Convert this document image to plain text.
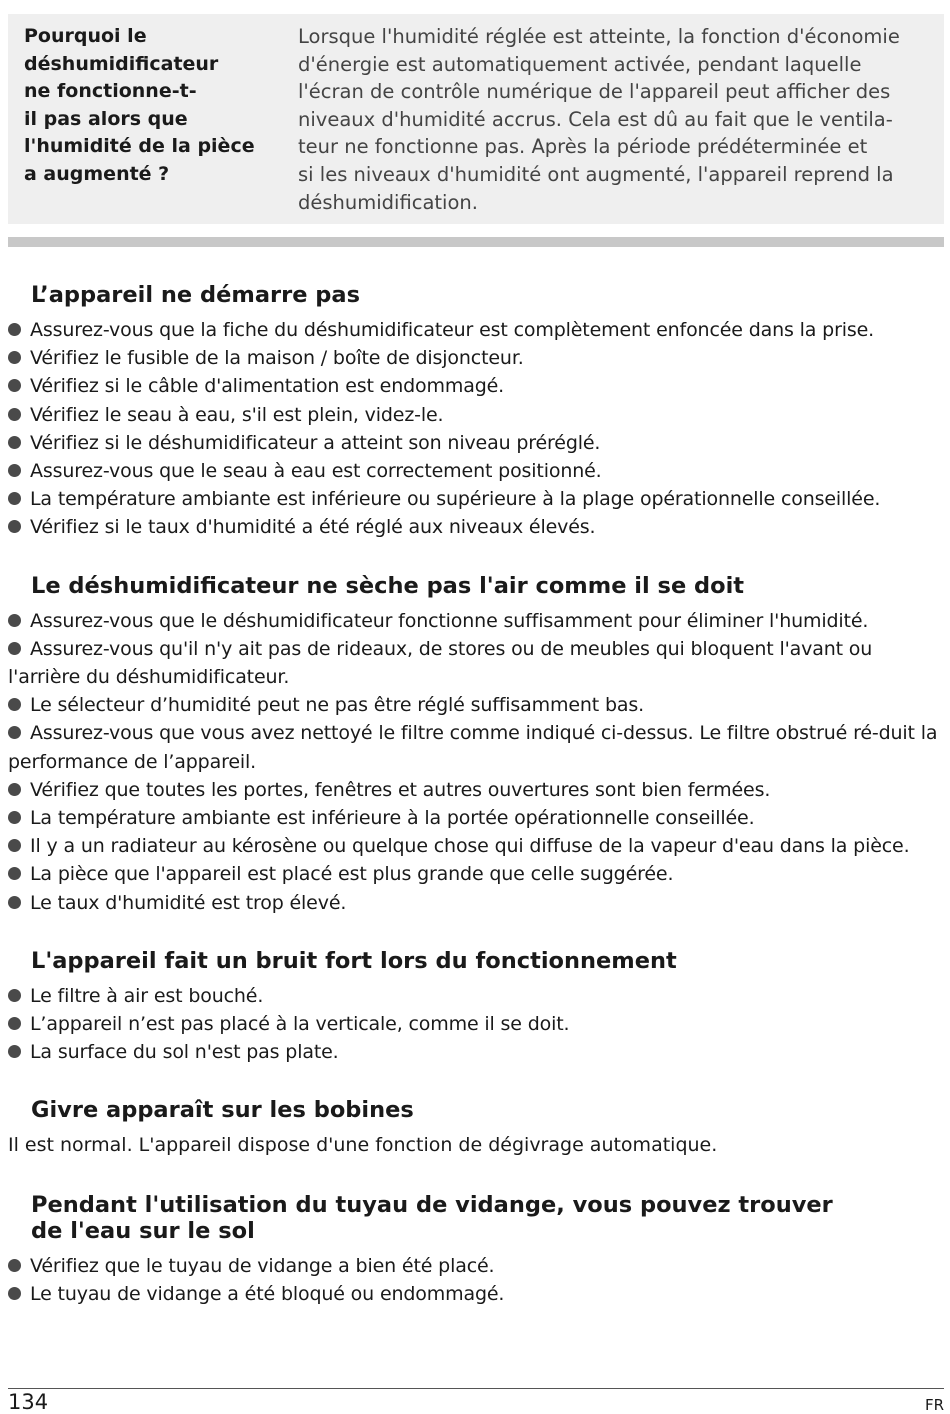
Pourquoi le
déshumidificateur
ne fonctionne-t-
il pas alors que
l'humidité de la pièce
a augmenté ?
Lorsque l'humidité réglée est atteinte, la fonction d'économie
d'énergie est automatiquement activée, pendant laquelle
l'écran de contrôle numérique de l'appareil peut afficher des
niveaux d'humidité accrus. Cela est dû au fait que le ventila-
teur ne fonctionne pas. Après la période prédéterminée et
si les niveaux d'humidité ont augmenté, l'appareil reprend la
déshumidification.
L’appareil ne démarre pas
Assurez-vous que la fiche du déshumidificateur est complètement enfoncée dans la prise.
Vérifiez le fusible de la maison / boîte de disjoncteur.
Vérifiez si le câble d'alimentation est endommagé.
Vérifiez le seau à eau, s'il est plein, videz-le.
Vérifiez si le déshumidificateur a atteint son niveau préréglé.
Assurez-vous que le seau à eau est correctement positionné.
La température ambiante est inférieure ou supérieure à la plage opérationnelle conseillée.
Vérifiez si le taux d'humidité a été réglé aux niveaux élevés.
Le déshumidificateur ne sèche pas l'air comme il se doit
Assurez-vous que le déshumidificateur fonctionne suffisamment pour éliminer l'humidité.
Assurez-vous qu'il n'y ait pas de rideaux, de stores ou de meubles qui bloquent l'avant ou l'arrière du déshumidificateur.
Le sélecteur d’humidité peut ne pas être réglé suffisamment bas.
Assurez-vous que vous avez nettoyé le filtre comme indiqué ci-dessus. Le filtre obstrué ré-duit la performance de l’appareil.
Vérifiez que toutes les portes, fenêtres et autres ouvertures sont bien fermées.
La température ambiante est inférieure à la portée opérationnelle conseillée.
Il y a un radiateur au kérosène ou quelque chose qui diffuse de la vapeur d'eau dans la pièce.
La pièce que l'appareil est placé est plus grande que celle suggérée.
Le taux d'humidité est trop élevé.
L'appareil fait un bruit fort lors du fonctionnement
Le filtre à air est bouché.
L’appareil n’est pas placé à la verticale, comme il se doit.
La surface du sol n'est pas plate.
Givre apparaît sur les bobines

Il est normal. L'appareil dispose d'une fonction de dégivrage automatique.

Pendant l'utilisation du tuyau de vidange, vous pouvez trouver
de l'eau sur le sol
Vérifiez que le tuyau de vidange a bien été placé.
Le tuyau de vidange a été bloqué ou endommagé.
134	FR
